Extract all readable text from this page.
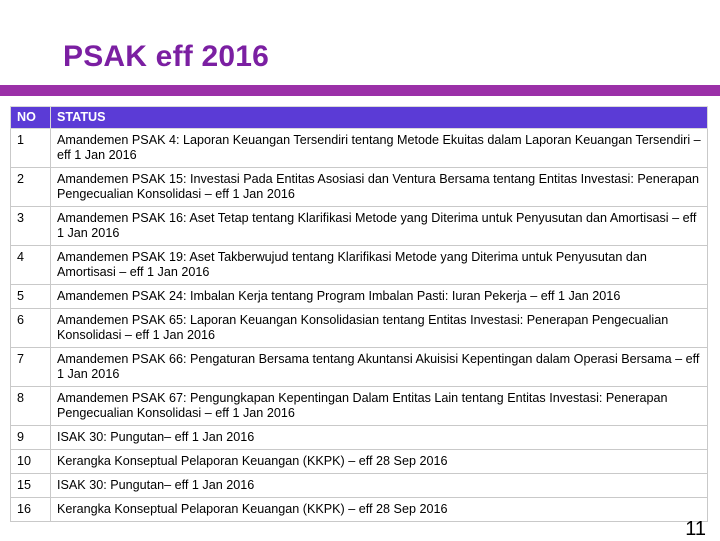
PSAK eff 2016
NO	STATUS
1	Amandemen PSAK 4: Laporan Keuangan Tersendiri tentang Metode Ekuitas dalam Laporan Keuangan Tersendiri – eff 1 Jan 2016
2	Amandemen PSAK 15: Investasi Pada Entitas Asosiasi dan Ventura Bersama tentang Entitas Investasi: Penerapan Pengecualian Konsolidasi – eff 1 Jan 2016
3	Amandemen PSAK 16: Aset Tetap tentang Klarifikasi Metode yang Diterima untuk Penyusutan dan Amortisasi – eff 1 Jan 2016
4	Amandemen PSAK 19: Aset Takberwujud tentang Klarifikasi Metode yang Diterima untuk Penyusutan dan Amortisasi – eff 1 Jan 2016
5	Amandemen PSAK 24: Imbalan Kerja tentang Program Imbalan Pasti: Iuran Pekerja – eff 1 Jan 2016
6	Amandemen PSAK 65: Laporan Keuangan Konsolidasian tentang Entitas Investasi: Penerapan Pengecualian Konsolidasi – eff 1 Jan 2016
7	Amandemen PSAK 66: Pengaturan Bersama tentang Akuntansi Akuisisi Kepentingan dalam Operasi Bersama – eff 1 Jan 2016
8	Amandemen PSAK 67: Pengungkapan Kepentingan Dalam Entitas Lain tentang Entitas Investasi: Penerapan Pengecualian Konsolidasi – eff 1 Jan 2016
9	ISAK 30: Pungutan– eff 1 Jan 2016
10	Kerangka Konseptual Pelaporan Keuangan (KKPK) – eff 28 Sep 2016
15	ISAK 30: Pungutan– eff 1 Jan 2016
16	Kerangka Konseptual Pelaporan Keuangan (KKPK) – eff 28 Sep 2016
11
